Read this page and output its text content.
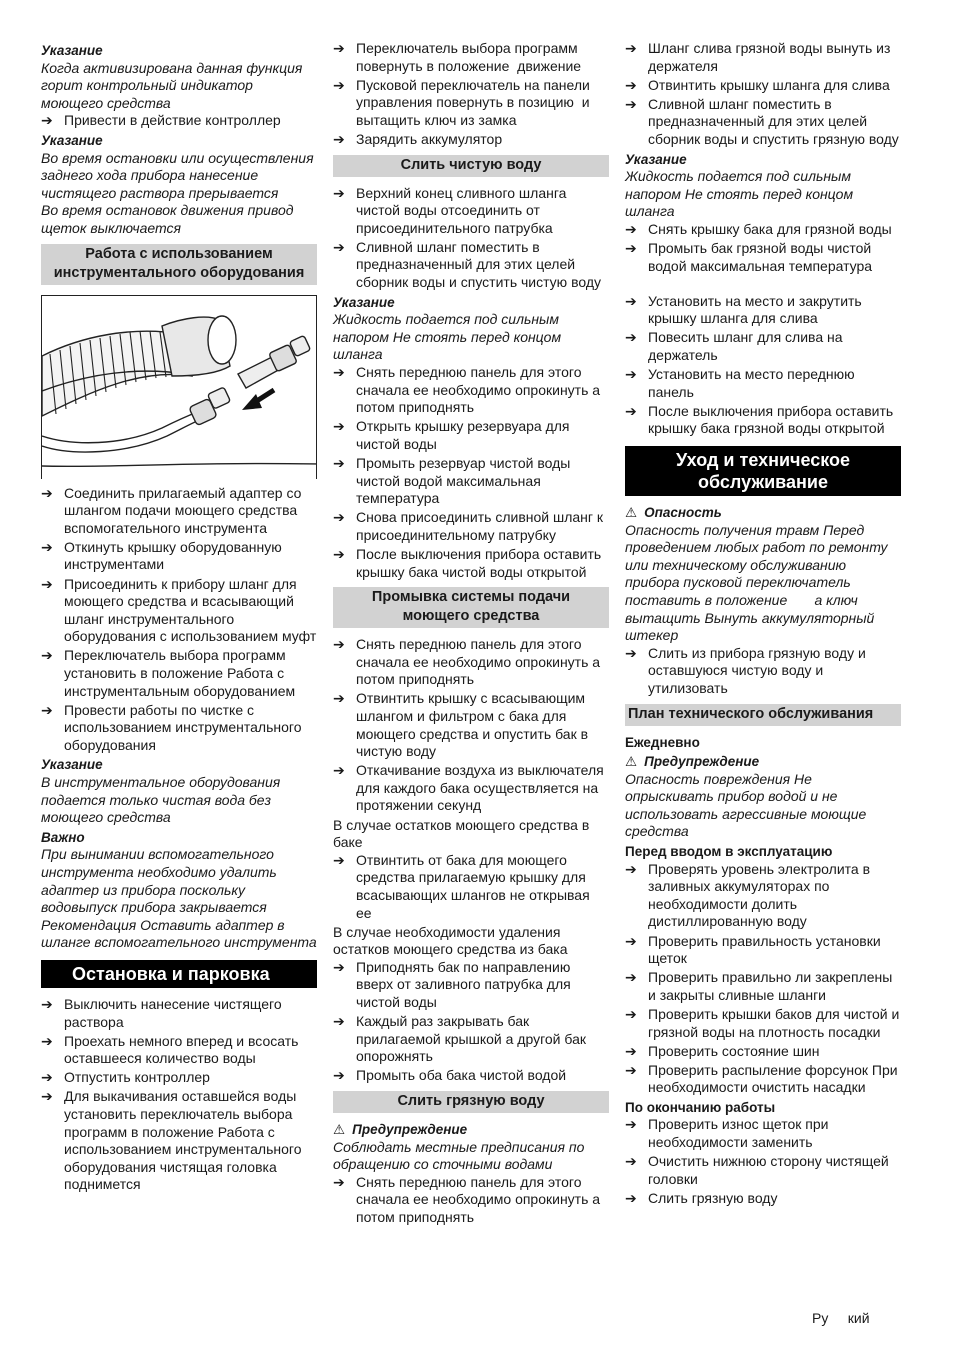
Указание
Когда активизирована данная функция горит контрольный индикатор моющего средства
➔ Привести в действие контроллер
Указание
Во время остановки или осуществления заднего хода прибора нанесение чистящего раствора прерывается
Во время остановок движения привод щеток выключается
Работа с использованием инструментального оборудования
➔ Соединить прилагаемый адаптер со шлангом подачи моющего средства вспомогательного инструмента
➔ Откинуть крышку оборудованную инструментами
➔ Присоединить к прибору шланг для моющего средства и всасывающий шланг инструментального оборудования с использованием муфт
➔ Переключатель выбора программ установить в положение Работа с инструментальным оборудованием
➔ Провести работы по чистке с использованием инструментального оборудования
Указание
В инструментальное оборудования подается только чистая вода без моющего средства
Важно
При вынимании вспомогательного инструмента необходимо удалить адаптер из прибора поскольку водовыпуск прибора закрывается
Рекомендация Оставить адаптер в шланге вспомогательного инструмента
Остановка и парковка
➔ Выключить нанесение чистящего раствора
➔ Проехать немного вперед и всосать оставшееся количество воды
➔ Отпустить контроллер
➔ Для выкачивания оставшейся воды установить переключатель выбора программ в положение Работа с использованием инструментального оборудования чистящая головка поднимется
➔ Переключатель выбора программ повернуть в положение  движение
➔ Пусковой переключатель на панели управления повернуть в позицию  и вытащить ключ из замка
➔ Зарядить аккумулятор
Слить чистую воду
➔ Верхний конец сливного шланга чистой воды отсоединить от присоединительного патрубка
➔ Сливной шланг поместить в предназначенный для этих целей сборник воды и спустить чистую воду
Указание
Жидкость подается под сильным напором Не стоять перед концом шланга
➔ Снять переднюю панель для этого сначала ее необходимо опрокинуть а потом приподнять
➔ Открыть крышку резервуара для чистой воды
➔ Промыть резервуар чистой воды чистой водой максимальная температура
➔ Снова присоединить сливной шланг к присоединительному патрубку
➔ После выключения прибора оставить крышку бака чистой воды открытой
Промывка системы подачи моющего средства
➔ Снять переднюю панель для этого сначала ее необходимо опрокинуть а потом приподнять
➔ Отвинтить крышку с всасывающим шлангом и фильтром с бака для моющего средства и опустить бак в чистую воду
➔ Откачивание воздуха из выключателя для каждого бака осуществляется на протяжении секунд
В случае остатков моющего средства в баке
➔ Отвинтить от бака для моющего средства прилагаемую крышку для всасывающих шлангов не открывая ее
В случае необходимости удаления остатков моющего средства из бака
➔ Приподнять бак по направлению вверх от заливного патрубка для чистой воды
➔ Каждый раз закрывать бак прилагаемой крышкой а другой бак опорожнять
➔ Промыть оба бака чистой водой
Слить грязную воду
⚠ Предупреждение
Соблюдать местные предписания по обращению со сточными водами
➔ Снять переднюю панель для этого сначала ее необходимо опрокинуть а потом приподнять
➔ Шланг слива грязной воды вынуть из держателя
➔ Отвинтить крышку шланга для слива
➔ Сливной шланг поместить в предназначенный для этих целей сборник воды и спустить грязную воду
Указание
Жидкость подается под сильным напором Не стоять перед концом шланга
➔ Снять крышку бака для грязной воды
➔ Промыть бак грязной воды чистой водой максимальная температура
➔ Установить на место и закрутить крышку шланга для слива
➔ Повесить шланг для слива на держатель
➔ Установить на место переднюю панель
➔ После выключения прибора оставить крышку бака грязной воды открытой
Уход и техническое обслуживание
⚠ Опасность
Опасность получения травм Перед проведением любых работ по ремонту или техническому обслуживанию прибора пусковой переключатель поставить в положение       а ключ вытащить Вынуть аккумуляторный штекер
➔ Слить из прибора грязную воду и оставшуюся чистую воду и утилизовать
План технического обслуживания
Ежедневно
⚠ Предупреждение
Опасность повреждения Не опрыскивать прибор водой и не использовать агрессивные моющие средства
Перед вводом в эксплуатацию
➔ Проверять уровень электролита в заливных аккумуляторах по необходимости долить дистиллированную воду
➔ Проверить правильность установки щеток
➔ Проверить правильно ли закреплены и закрыты сливные шланги
➔ Проверить крышки баков для чистой и грязной воды на плотность посадки
➔ Проверить состояние шин
➔ Проверить распыление форсунок При необходимости очистить насадки
По окончанию работы
➔ Проверить износ щеток при необходимости заменить
➔ Очистить нижнюю сторону чистящей головки
➔ Слить грязную воду
Ру     кий
